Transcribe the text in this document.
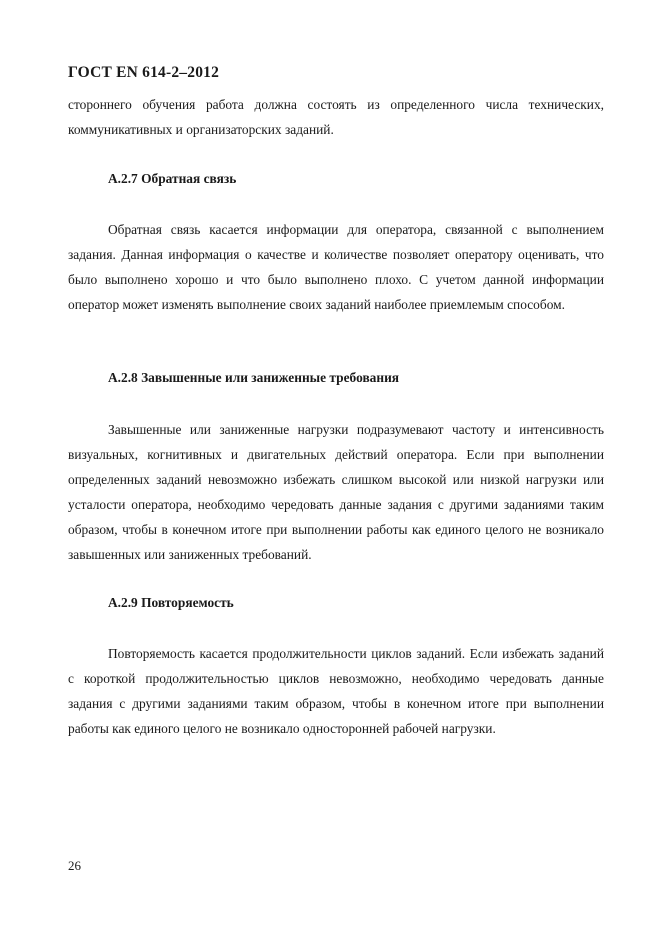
ГОСТ EN 614-2–2012

стороннего обучения работа должна состоять из определенного числа технических, коммуникативных и организаторских заданий.

А.2.7 Обратная связь

Обратная связь касается информации для оператора, связанной с выполнением задания. Данная информация о качестве и количестве позволяет оператору оценивать, что было выполнено хорошо и что было выполнено плохо. С учетом данной информации оператор может изменять выполнение своих заданий наиболее приемлемым способом.

А.2.8 Завышенные или заниженные требования

Завышенные или заниженные нагрузки подразумевают частоту и интенсивность визуальных, когнитивных и двигательных действий оператора. Если при выполнении определенных заданий невозможно избежать слишком высокой или низкой нагрузки или усталости оператора, необходимо чередовать данные задания с другими заданиями таким образом, чтобы в конечном итоге при выполнении работы как единого целого не возникало завышенных или заниженных требований.

А.2.9 Повторяемость

Повторяемость касается продолжительности циклов заданий. Если избежать заданий с короткой продолжительностью циклов невозможно, необходимо чередовать данные задания с другими заданиями таким образом, чтобы в конечном итоге при выполнении работы как единого целого не возникало односторонней рабочей нагрузки.

26
